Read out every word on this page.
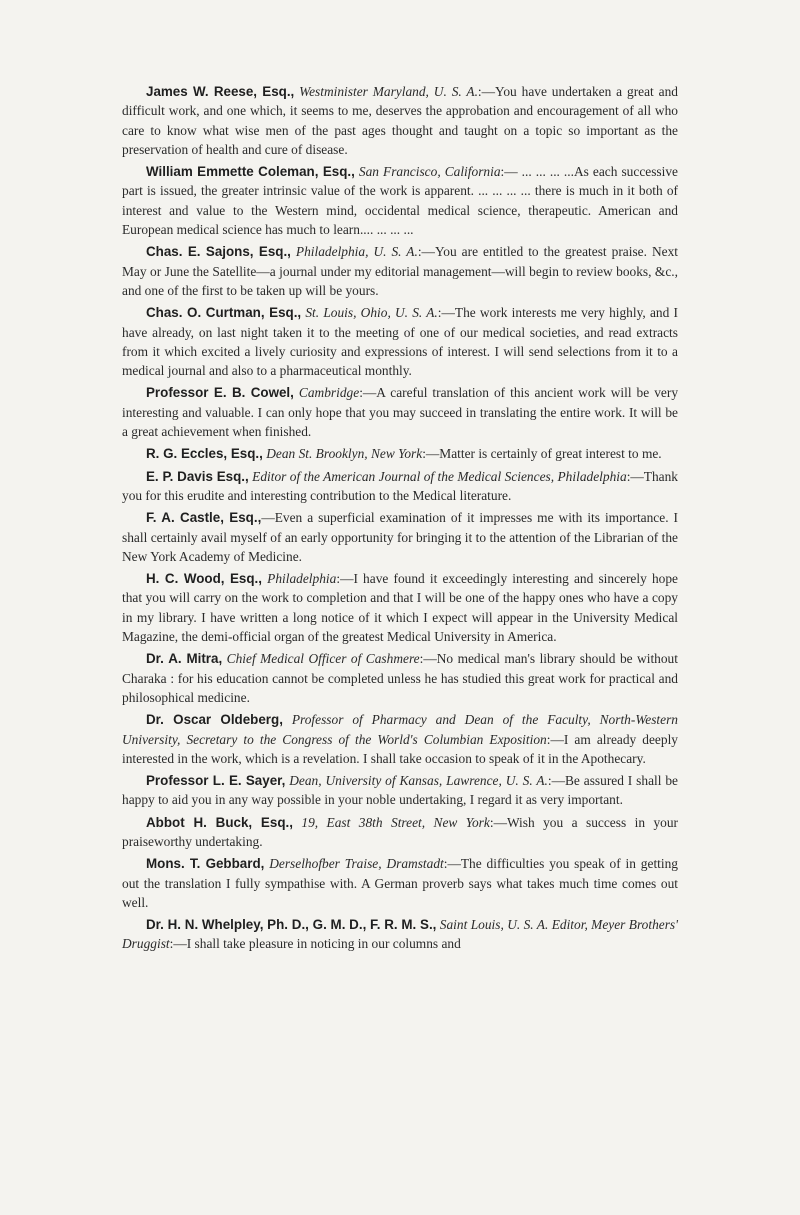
James W. Reese, Esq., Westminister Maryland, U. S. A.:—You have undertaken a great and difficult work, and one which, it seems to me, deserves the approbation and encouragement of all who care to know what wise men of the past ages thought and taught on a topic so important as the preservation of health and cure of disease.

William Emmette Coleman, Esq., San Francisco, California:— ... ... ... ...As each successive part is issued, the greater intrinsic value of the work is apparent. ... ... ... ... there is much in it both of interest and value to the Western mind, occidental medical science, therapeutic. American and European medical science has much to learn.... ... ... ...

Chas. E. Sajons, Esq., Philadelphia, U. S. A.:—You are entitled to the greatest praise. Next May or June the Satellite—a journal under my editorial management—will begin to review books, &c., and one of the first to be taken up will be yours.

Chas. O. Curtman, Esq., St. Louis, Ohio, U. S. A.:—The work interests me very highly, and I have already, on last night taken it to the meeting of one of our medical societies, and read extracts from it which excited a lively curiosity and expressions of interest. I will send selections from it to a medical journal and also to a pharmaceutical monthly.

Professor E. B. Cowel, Cambridge:—A careful translation of this ancient work will be very interesting and valuable. I can only hope that you may succeed in translating the entire work. It will be a great achievement when finished.

R. G. Eccles, Esq., Dean St. Brooklyn, New York:—Matter is certainly of great interest to me.

E. P. Davis Esq., Editor of the American Journal of the Medical Sciences, Philadelphia:—Thank you for this erudite and interesting contribution to the Medical literature.

F. A. Castle, Esq.,—Even a superficial examination of it impresses me with its importance. I shall certainly avail myself of an early opportunity for bringing it to the attention of the Librarian of the New York Academy of Medicine.

H. C. Wood, Esq., Philadelphia:—I have found it exceedingly interesting and sincerely hope that you will carry on the work to completion and that I will be one of the happy ones who have a copy in my library. I have written a long notice of it which I expect will appear in the University Medical Magazine, the demi-official organ of the greatest Medical University in America.

Dr. A. Mitra, Chief Medical Officer of Cashmere:—No medical man's library should be without Charaka : for his education cannot be completed unless he has studied this great work for practical and philosophical medicine.

Dr. Oscar Oldeberg, Professor of Pharmacy and Dean of the Faculty, North-Western University, Secretary to the Congress of the World's Columbian Exposition:—I am already deeply interested in the work, which is a revelation. I shall take occasion to speak of it in the Apothecary.

Professor L. E. Sayer, Dean, University of Kansas, Lawrence, U. S. A.:—Be assured I shall be happy to aid you in any way possible in your noble undertaking, I regard it as very important.

Abbot H. Buck, Esq., 19, East 38th Street, New York:—Wish you a success in your praiseworthy undertaking.

Mons. T. Gebbard, Derselhofber Traise, Dramstadt:—The difficulties you speak of in getting out the translation I fully sympathise with. A German proverb says what takes much time comes out well.

Dr. H. N. Whelpley, Ph. D., G. M. D., F. R. M. S., Saint Louis, U. S. A. Editor, Meyer Brothers' Druggist:—I shall take pleasure in noticing in our columns and
